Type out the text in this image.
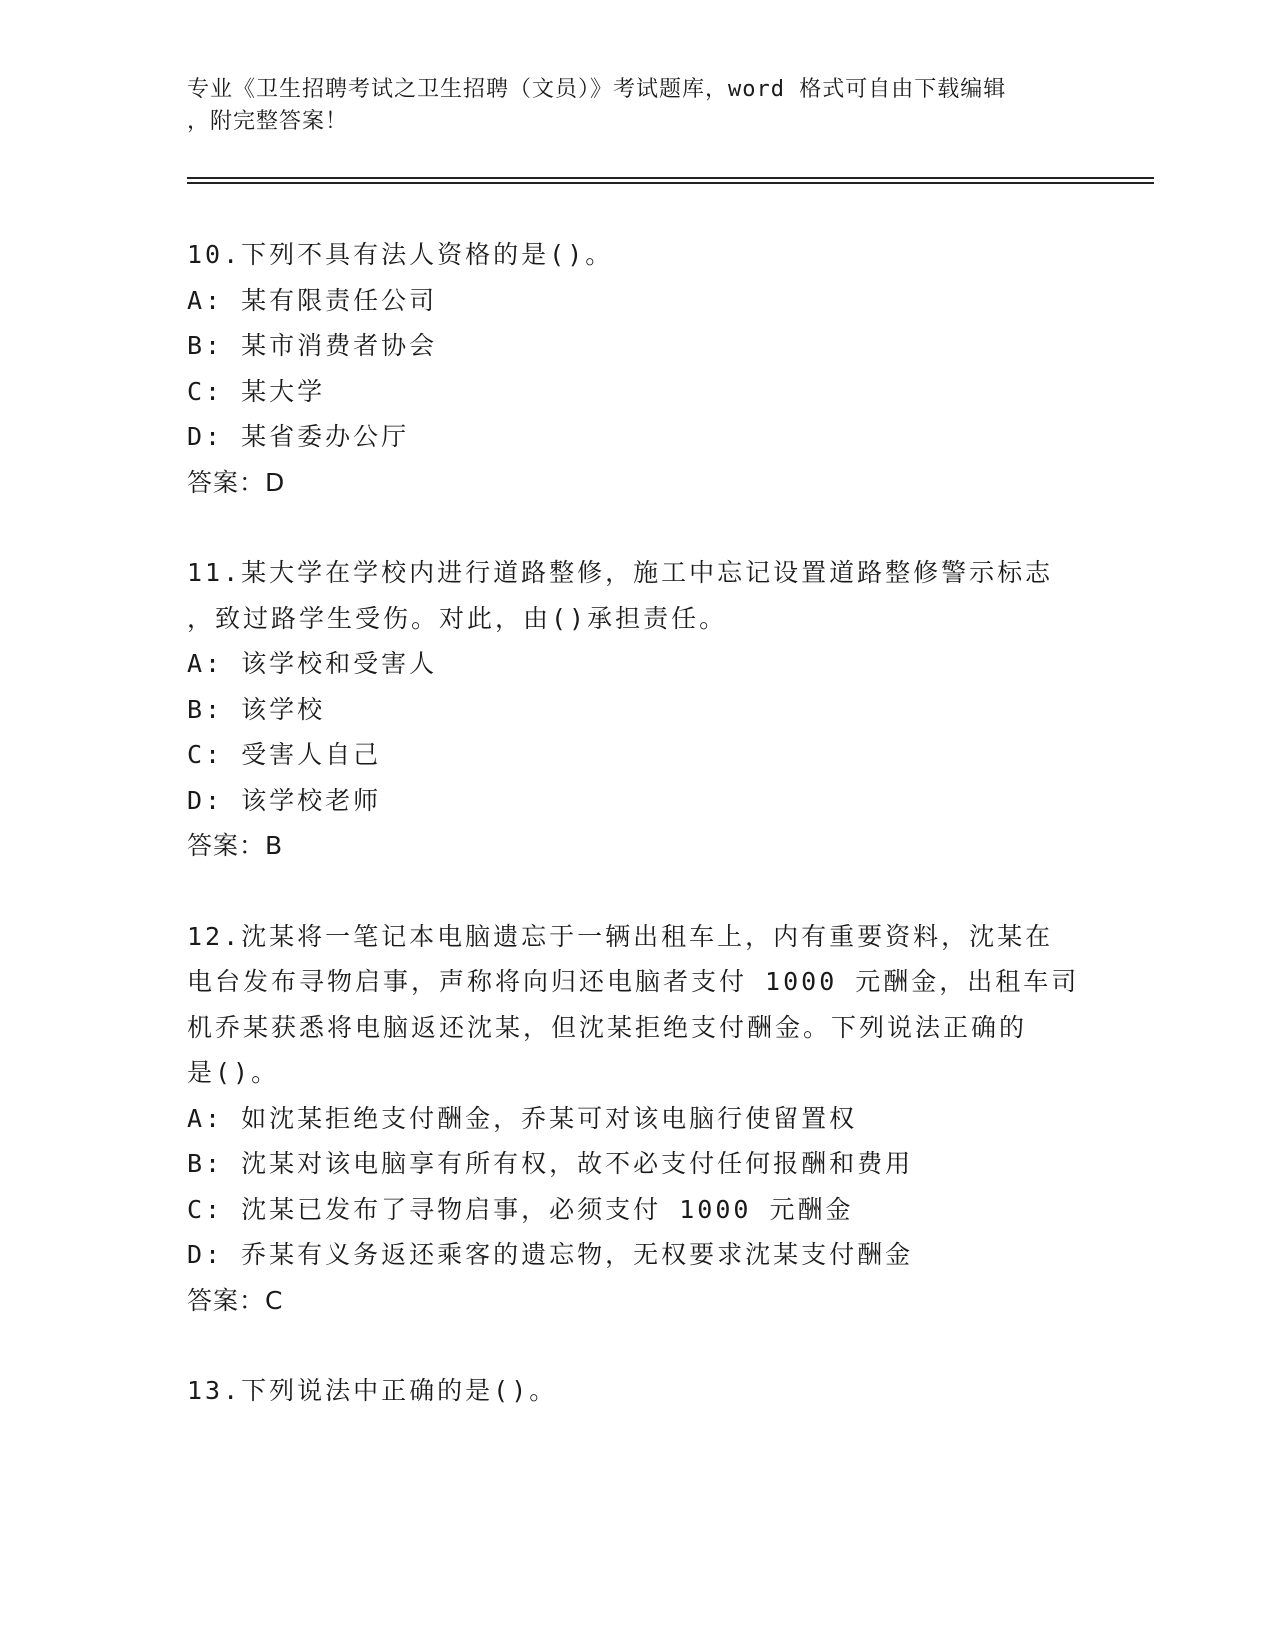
专业《卫生招聘考试之卫生招聘（文员）》考试题库，word 格式可自由下载编辑
，附完整答案！
10.下列不具有法人资格的是()。
A: 某有限责任公司
B: 某市消费者协会
C: 某大学
D: 某省委办公厅
答案：D
11.某大学在学校内进行道路整修，施工中忘记设置道路整修警示标志
，致过路学生受伤。对此，由()承担责任。
A: 该学校和受害人
B: 该学校
C: 受害人自己
D: 该学校老师
答案：B
12.沈某将一笔记本电脑遗忘于一辆出租车上，内有重要资料，沈某在
电台发布寻物启事，声称将向归还电脑者支付 1000 元酬金，出租车司
机乔某获悉将电脑返还沈某，但沈某拒绝支付酬金。下列说法正确的
是()。
A: 如沈某拒绝支付酬金，乔某可对该电脑行使留置权
B: 沈某对该电脑享有所有权，故不必支付任何报酬和费用
C: 沈某已发布了寻物启事，必须支付 1000 元酬金
D: 乔某有义务返还乘客的遗忘物，无权要求沈某支付酬金
答案：C
13.下列说法中正确的是()。
